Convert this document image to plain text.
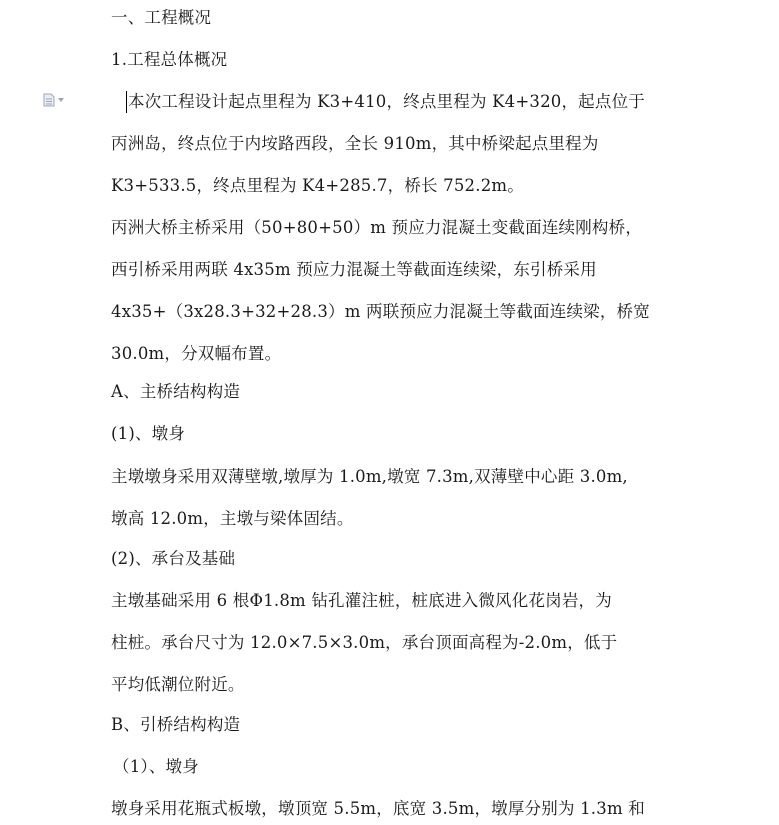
一、工程概况
1.工程总体概况
本次工程设计起点里程为 K3+410，终点里程为 K4+320，起点位于
丙洲岛，终点位于内垵路西段，全长 910m，其中桥梁起点里程为
K3+533.5，终点里程为 K4+285.7，桥长 752.2m。
丙洲大桥主桥采用（50+80+50）m 预应力混凝土变截面连续刚构桥，
西引桥采用两联 4x35m 预应力混凝土等截面连续梁，东引桥采用
4x35+（3x28.3+32+28.3）m 两联预应力混凝土等截面连续梁，桥宽
30.0m，分双幅布置。
A、主桥结构构造
(1)、墩身
主墩墩身采用双薄壁墩,墩厚为 1.0m,墩宽 7.3m,双薄壁中心距 3.0m,
墩高 12.0m，主墩与梁体固结。
(2)、承台及基础
主墩基础采用 6 根Φ1.8m 钻孔灌注桩，桩底进入微风化花岗岩，为
柱桩。承台尺寸为 12.0×7.5×3.0m，承台顶面高程为-2.0m，低于
平均低潮位附近。
B、引桥结构构造
（1）、墩身
墩身采用花瓶式板墩，墩顶宽 5.5m，底宽 3.5m，墩厚分别为 1.3m 和
